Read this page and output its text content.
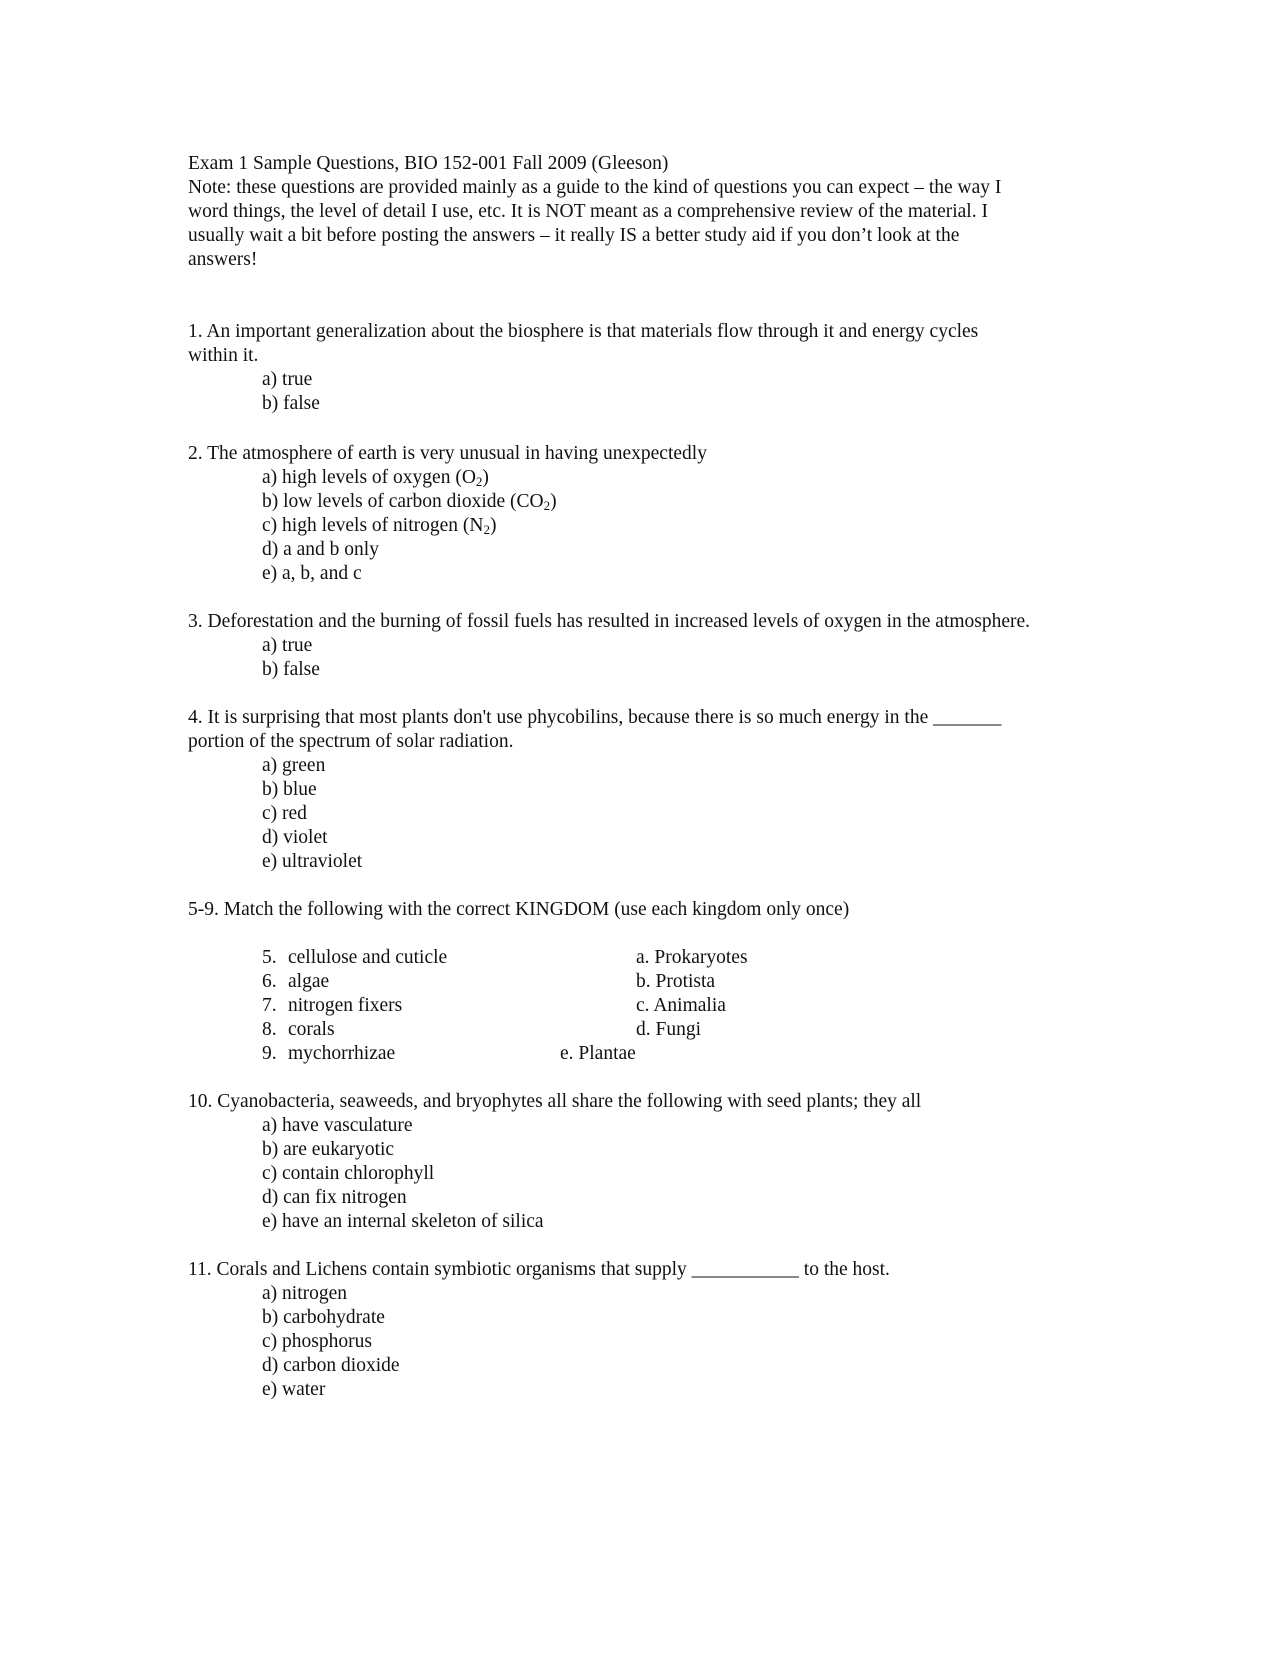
Exam 1 Sample Questions, BIO 152-001 Fall 2009 (Gleeson)
Note: these questions are provided mainly as a guide to the kind of questions you can expect – the way I
word things, the level of detail I use, etc. It is NOT meant as a comprehensive review of the material. I
usually wait a bit before posting the answers – it really IS a better study aid if you don’t look at the
answers!
1. An important generalization about the biosphere is that materials flow through it and energy cycles
within it.
a) true
b) false
2. The atmosphere of earth is very unusual in having unexpectedly
a) high levels of oxygen $(O_2)$
b) low levels of carbon dioxide $(CO_2)$
c) high levels of nitrogen $(N_2)$
d) a and b only
e) a, b, and c
3. Deforestation and the burning of fossil fuels has resulted in increased levels of oxygen in the atmosphere.
a) true
b) false
4. It is surprising that most plants don't use phycobilins, because there is so much energy in the _______
portion of the spectrum of solar radiation.
a) green
b) blue
c) red
d) violet
e) ultraviolet
5-9. Match the following with the correct KINGDOM (use each kingdom only once)
5. cellulose and cuticle
6. algae
7. nitrogen fixers
8. corals
9. mychorrhizae
a. Prokaryotes
b. Protista
c. Animalia
d. Fungi
e. Plantae
10. Cyanobacteria, seaweeds, and bryophytes all share the following with seed plants; they all
a) have vasculature
b) are eukaryotic
c) contain chlorophyll
d) can fix nitrogen
e) have an internal skeleton of silica
11. Corals and Lichens contain symbiotic organisms that supply ___________ to the host.
a) nitrogen
b) carbohydrate
c) phosphorus
d) carbon dioxide
e) water
